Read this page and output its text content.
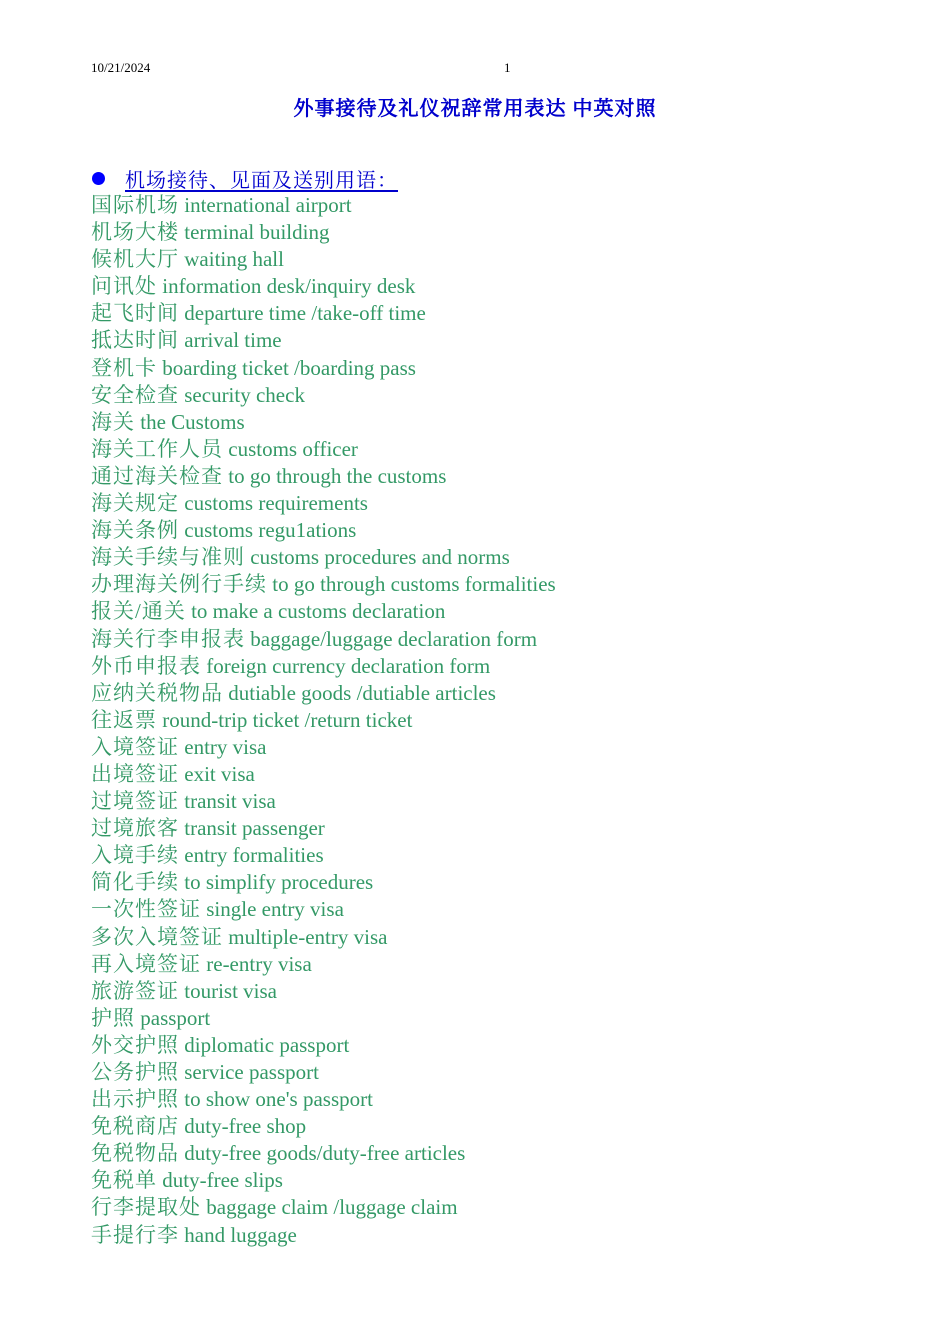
10/21/2024	1
外事接待及礼仪祝辞常用表达 中英对照
机场接待、见面及送别用语：
国际机场 international airport
机场大楼 terminal building
候机大厅 waiting hall
问讯处 information desk/inquiry desk
起飞时间 departure time /take-off time
抵达时间 arrival time
登机卡 boarding ticket /boarding pass
安全检查 security check
海关 the Customs
海关工作人员 customs officer
通过海关检查 to go through the customs
海关规定 customs requirements
海关条例 customs regu1ations
海关手续与准则 customs procedures and norms
办理海关例行手续 to go through customs formalities
报关/通关 to make a customs declaration
海关行李申报表 baggage/luggage declaration form
外币申报表 foreign currency declaration form
应纳关税物品 dutiable goods /dutiable articles
往返票 round-trip ticket /return ticket
入境签证 entry visa
出境签证 exit visa
过境签证 transit visa
过境旅客 transit passenger
入境手续 entry formalities
简化手续 to simplify procedures
一次性签证 single entry visa
多次入境签证 multiple-entry visa
再入境签证 re-entry visa
旅游签证 tourist visa
护照 passport
外交护照 diplomatic passport
公务护照 service passport
出示护照 to show one's passport
免税商店 duty-free shop
免税物品 duty-free goods/duty-free articles
免税单 duty-free slips
行李提取处 baggage claim /luggage claim
手提行李 hand luggage
